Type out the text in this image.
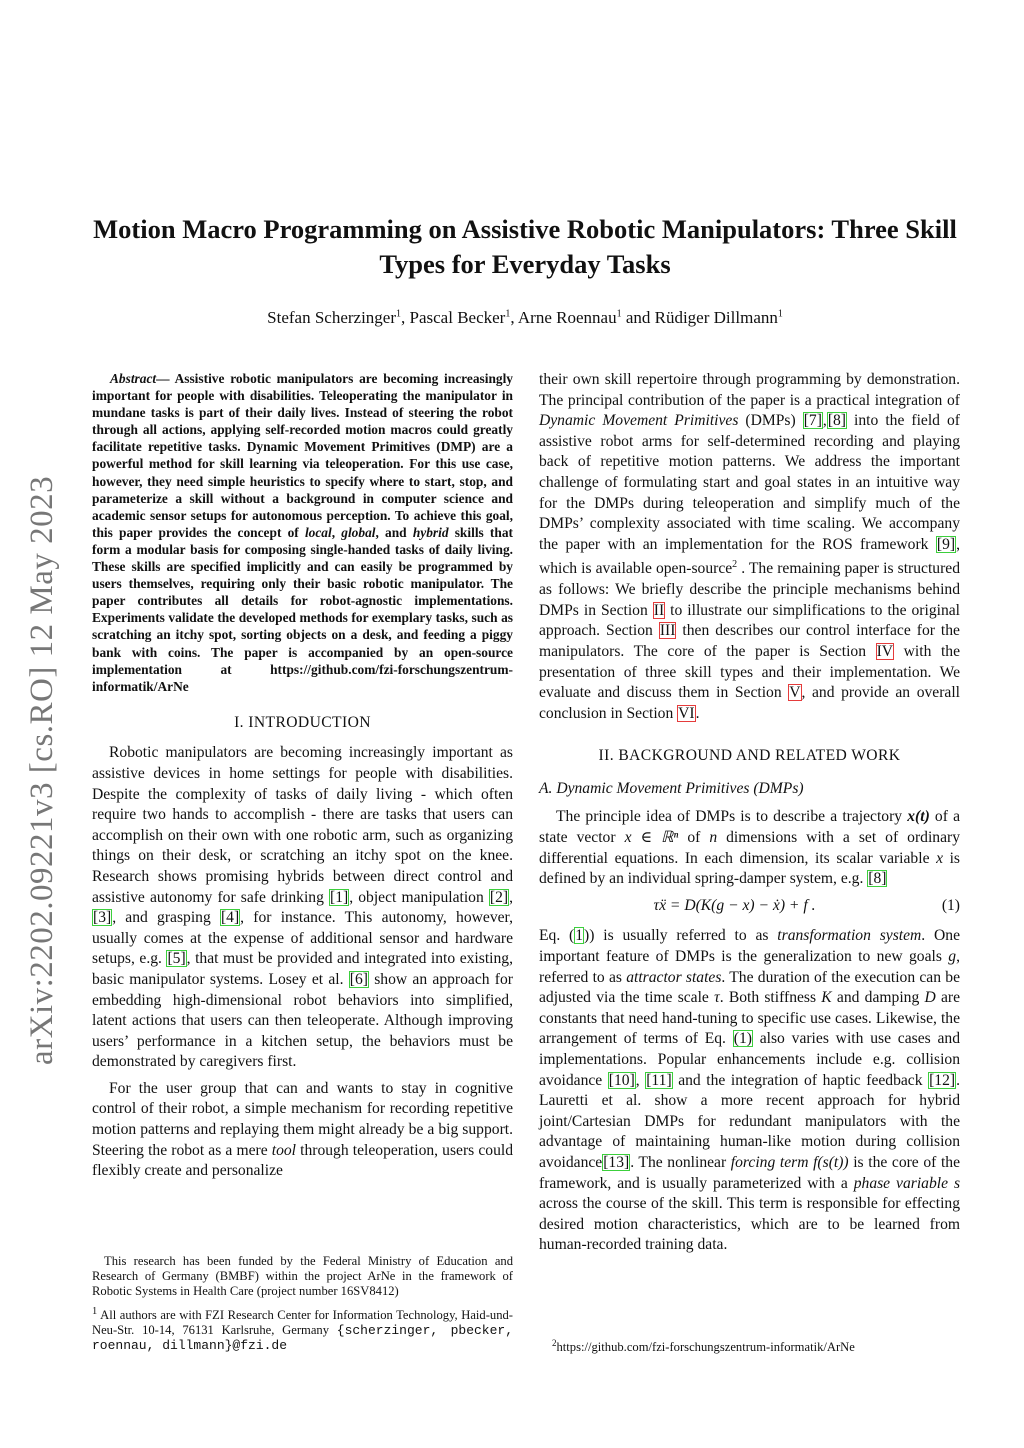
arXiv:2202.09221v3 [cs.RO] 12 May 2023
Motion Macro Programming on Assistive Robotic Manipulators: Three Skill Types for Everyday Tasks
Stefan Scherzinger$^1$, Pascal Becker$^1$, Arne Roennau$^1$ and Rüdiger Dillmann$^1$

Abstract— Assistive robotic manipulators are becoming increasingly important for people with disabilities. Teleoperating the manipulator in mundane tasks is part of their daily lives. Instead of steering the robot through all actions, applying self-recorded motion macros could greatly facilitate repetitive tasks. Dynamic Movement Primitives (DMP) are a powerful method for skill learning via teleoperation. For this use case, however, they need simple heuristics to specify where to start, stop, and parameterize a skill without a background in computer science and academic sensor setups for autonomous perception. To achieve this goal, this paper provides the concept of local, global, and hybrid skills that form a modular basis for composing single-handed tasks of daily living. These skills are specified implicitly and can easily be programmed by users themselves, requiring only their basic robotic manipulator. The paper contributes all details for robot-agnostic implementations. Experiments validate the developed methods for exemplary tasks, such as scratching an itchy spot, sorting objects on a desk, and feeding a piggy bank with coins. The paper is accompanied by an open-source implementation at https://github.com/fzi-forschungszentrum-informatik/ArNe

I. INTRODUCTION

Robotic manipulators are becoming increasingly important as assistive devices in home settings for people with disabilities. Despite the complexity of tasks of daily living - which often require two hands to accomplish - there are tasks that users can accomplish on their own with one robotic arm, such as organizing things on their desk, or scratching an itchy spot on the knee. Research shows promising hybrids between direct control and assistive autonomy for safe drinking [1], object manipulation [2],[3], and grasping [4], for instance. This autonomy, however, usually comes at the expense of additional sensor and hardware setups, e.g. [5], that must be provided and integrated into existing, basic manipulator systems. Losey et al. [6] show an approach for embedding high-dimensional robot behaviors into simplified, latent actions that users can then teleoperate. Although improving users’ performance in a kitchen setup, the behaviors must be demonstrated by caregivers first.

For the user group that can and wants to stay in cognitive control of their robot, a simple mechanism for recording repetitive motion patterns and replaying them might already be a big support. Steering the robot as a mere tool through teleoperation, users could flexibly create and personalize

This research has been funded by the Federal Ministry of Education and Research of Germany (BMBF) within the project ArNe in the framework of Robotic Systems in Health Care (project number 16SV8412)

$^1$ All authors are with FZI Research Center for Information Technology, Haid-und-Neu-Str. 10-14, 76131 Karlsruhe, Germany {scherzinger, pbecker, roennau, dillmann}@fzi.de

their own skill repertoire through programming by demonstration. The principal contribution of the paper is a practical integration of Dynamic Movement Primitives (DMPs) [7],[8] into the field of assistive robot arms for self-determined recording and playing back of repetitive motion patterns. We address the important challenge of formulating start and goal states in an intuitive way for the DMPs during teleoperation and simplify much of the DMPs’ complexity associated with time scaling. We accompany the paper with an implementation for the ROS framework [9], which is available open-source$^2$ . The remaining paper is structured as follows: We briefly describe the principle mechanisms behind DMPs in Section II to illustrate our simplifications to the original approach. Section III then describes our control interface for the manipulators. The core of the paper is Section IV with the presentation of three skill types and their implementation. We evaluate and discuss them in Section V, and provide an overall conclusion in Section VI.

II. BACKGROUND AND RELATED WORK
A. Dynamic Movement Primitives (DMPs)

The principle idea of DMPs is to describe a trajectory x(t) of a state vector x ∈ ℝⁿ of n dimensions with a set of ordinary differential equations. In each dimension, its scalar variable x is defined by an individual spring-damper system, e.g. [8]

τẍ = D(K(g − x) − ẋ) + f .	(1)

Eq. (1)) is usually referred to as transformation system. One important feature of DMPs is the generalization to new goals g, referred to as attractor states. The duration of the execution can be adjusted via the time scale τ. Both stiffness K and damping D are constants that need hand-tuning to specific use cases. Likewise, the arrangement of terms of Eq. (1) also varies with use cases and implementations. Popular enhancements include e.g. collision avoidance [10], [11] and the integration of haptic feedback [12]. Lauretti et al. show a more recent approach for hybrid joint/Cartesian DMPs for redundant manipulators with the advantage of maintaining human-like motion during collision avoidance[13]. The nonlinear forcing term f(s(t)) is the core of the framework, and is usually parameterized with a phase variable s across the course of the skill. This term is responsible for effecting desired motion characteristics, which are to be learned from human-recorded training data.

$^2$https://github.com/fzi-forschungszentrum-informatik/ArNe
